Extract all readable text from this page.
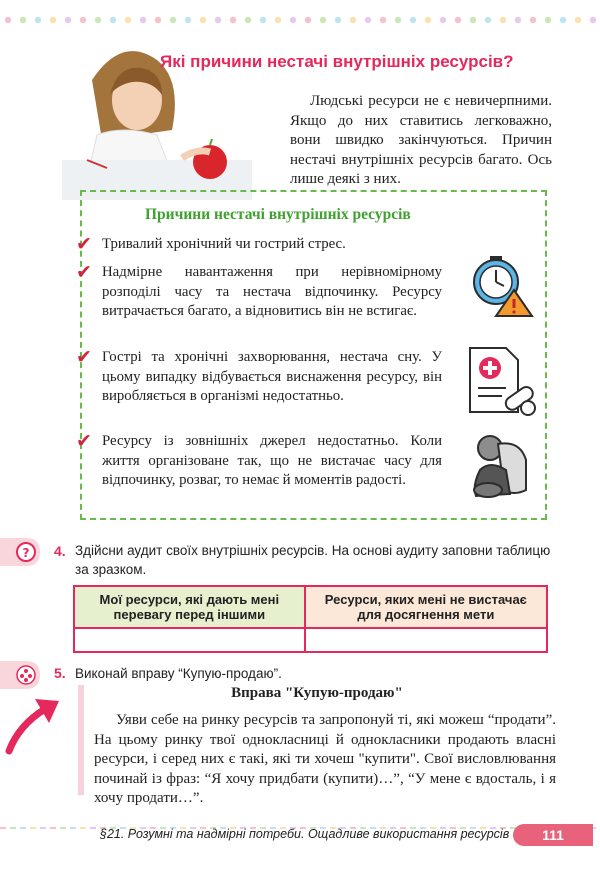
Які причини нестачі внутрішніх ресурсів?
Людські ресурси не є невичерпними. Якщо до них ставитись легковажно, вони швидко закінчуються. Причин нестачі внутрішніх ресурсів багато. Ось лише деякі з них.
Причини нестачі внутрішніх ресурсів
✔ Тривалий хронічний чи гострий стрес.
✔ Надмірне навантаження при нерівномірному розподілі часу та нестача відпочинку. Ресурсу витрачається багато, а відновитись він не встигає.
✔ Гострі та хронічні захворювання, нестача сну. У цьому випадку відбувається виснаження ресурсу, він виробляється в організмі недостатньо.
✔ Ресурсу із зовнішніх джерел недостатньо. Коли життя організоване так, що не вистачає часу для відпочинку, розваг, то немає й моментів радості.
? 4. Здійсни аудит своїх внутрішніх ресурсів. На основі аудиту заповни таблицю за зразком.
Мої ресурси, які дають мені перевагу перед іншими	Ресурси, яких мені не вистачає для досягнення мети

5. Виконай вправу “Купую-продаю”.
Вправа "Купую-продаю"
Уяви себе на ринку ресурсів та запропонуй ті, які можеш “продати”. На цьому ринку твої однокласниці й однокласники продають власні ресурси, і серед них є такі, які ти хочеш "купити". Свої висловлювання починай із фраз: “Я хочу придбати (купити)…”, “У мене є вдосталь, і я хочу продати…”.
§21. Розумні та надмірні потреби. Ощадливе використання ресурсів	111
